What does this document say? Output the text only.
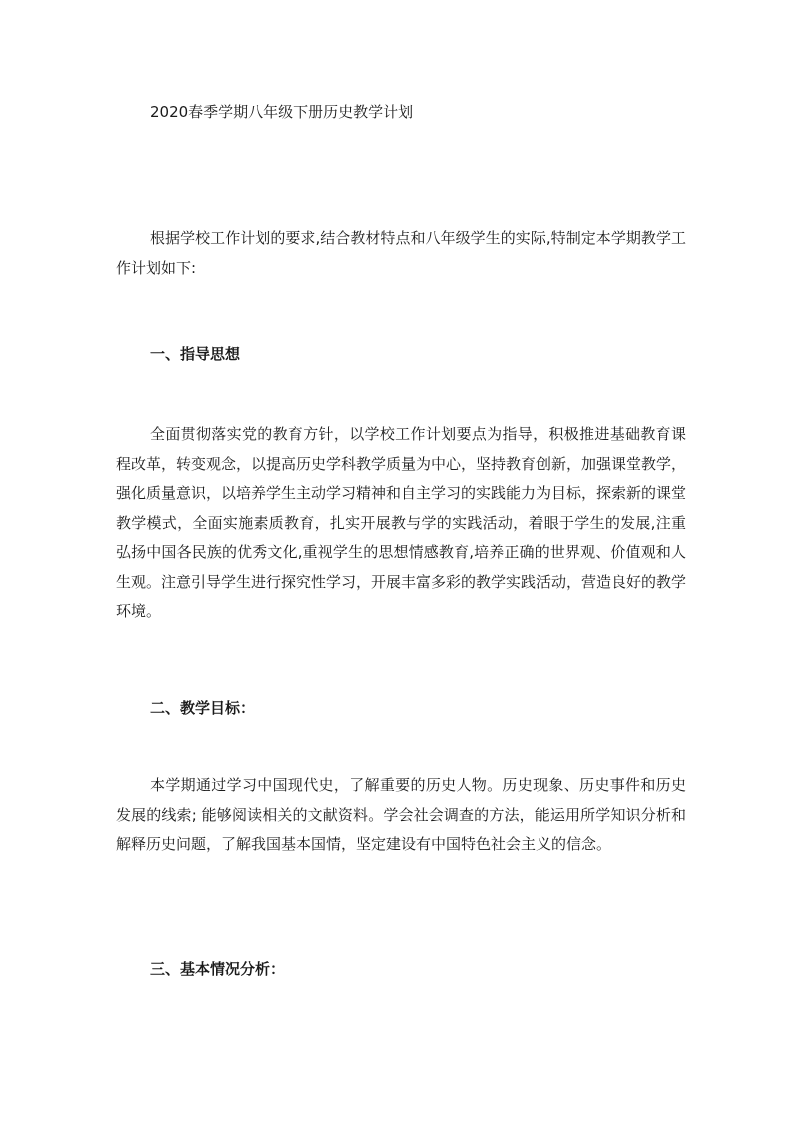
2020春季学期八年级下册历史教学计划

根据学校工作计划的要求,结合教材特点和八年级学生的实际,特制定本学期教学工作计划如下:

一、指导思想

全面贯彻落实党的教育方针，以学校工作计划要点为指导，积极推进基础教育课程改革，转变观念，以提高历史学科教学质量为中心，坚持教育创新，加强课堂教学，强化质量意识，以培养学生主动学习精神和自主学习的实践能力为目标，探索新的课堂教学模式，全面实施素质教育，扎实开展教与学的实践活动，着眼于学生的发展,注重弘扬中国各民族的优秀文化,重视学生的思想情感教育,培养正确的世界观、价值观和人生观。注意引导学生进行探究性学习，开展丰富多彩的教学实践活动，营造良好的教学环境。

二、教学目标：

本学期通过学习中国现代史，了解重要的历史人物。历史现象、历史事件和历史发展的线索; 能够阅读相关的文献资料。学会社会调查的方法，能运用所学知识分析和解释历史问题，了解我国基本国情，坚定建设有中国特色社会主义的信念。

三、基本情况分析：
